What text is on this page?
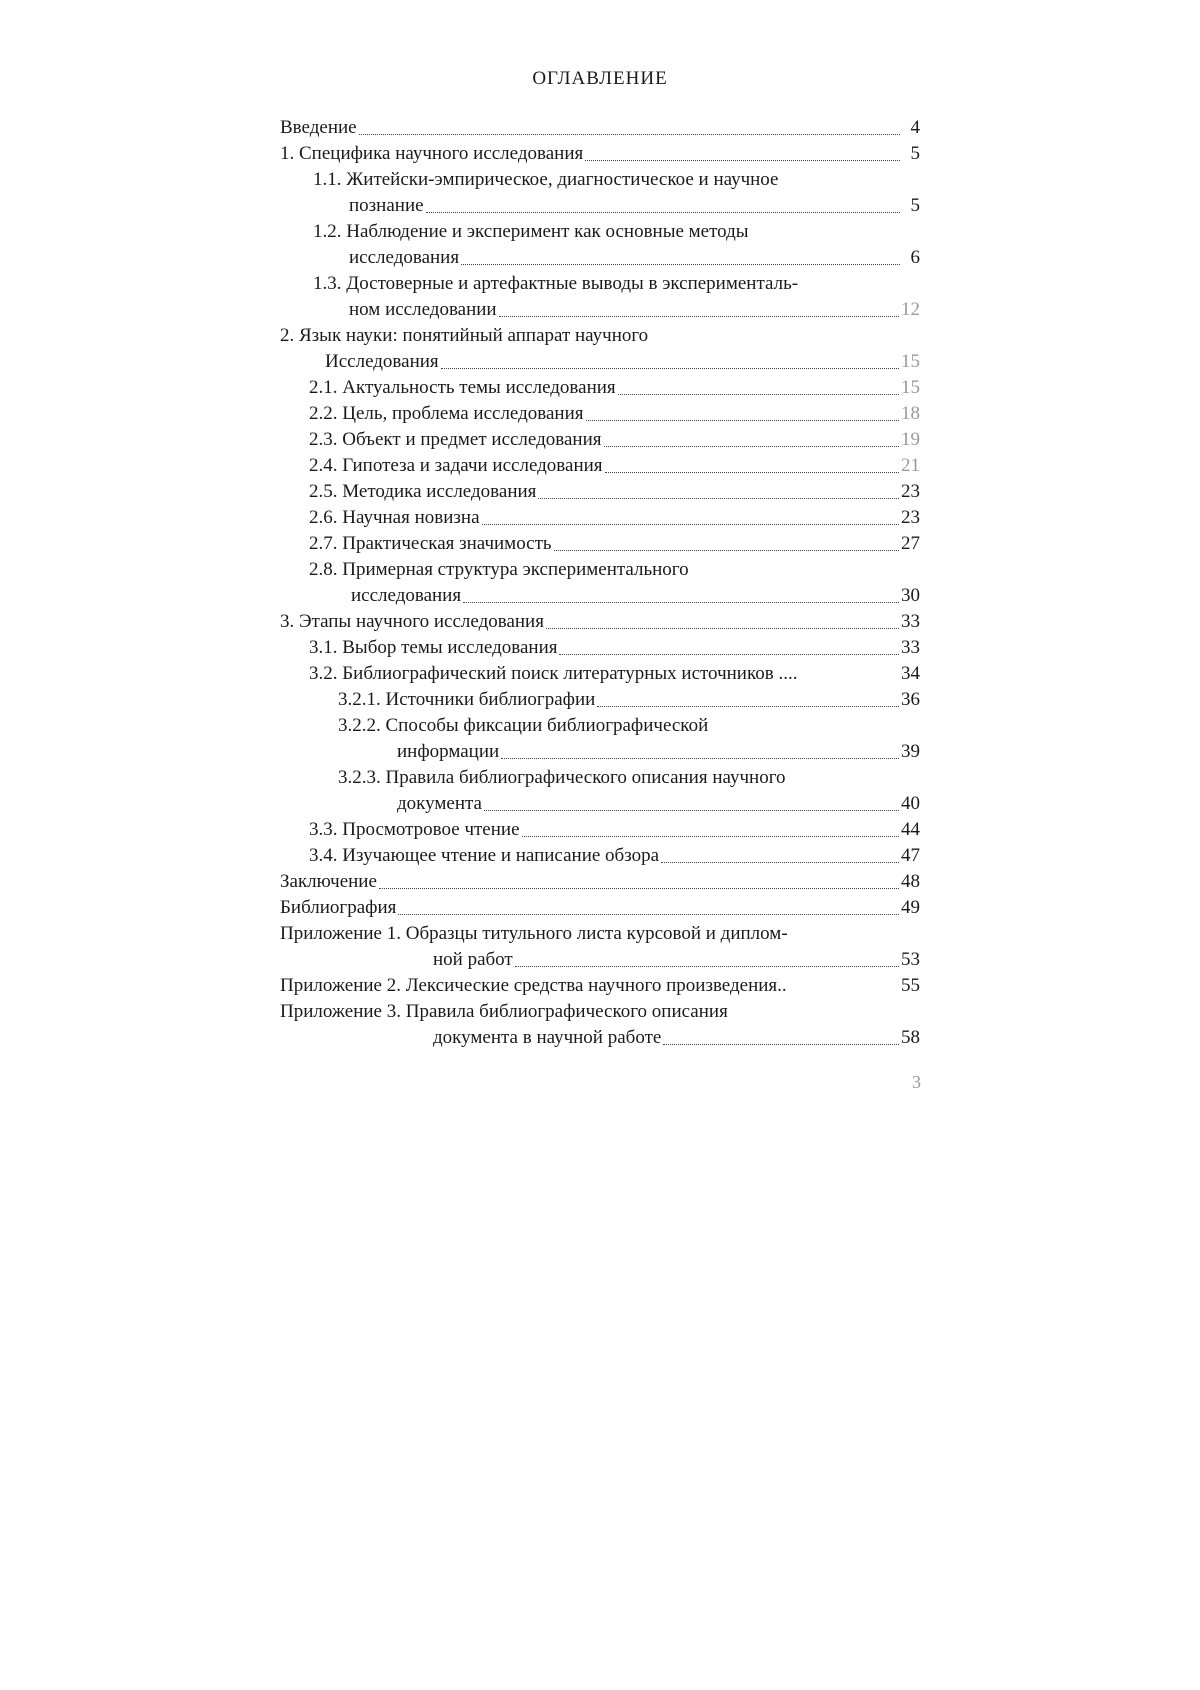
ОГЛАВЛЕНИЕ
Введение	4
1. Специфика научного исследования	5
1.1. Житейски-эмпирическое, диагностическое и научное
познание	5
1.2. Наблюдение и эксперимент как основные методы
исследования	6
1.3. Достоверные и артефактные выводы в эксперименталь-
ном исследовании	12
2. Язык науки: понятийный аппарат научного
Исследования	15
2.1. Актуальность темы исследования	15
2.2. Цель, проблема исследования	18
2.3. Объект и предмет исследования	19
2.4. Гипотеза и задачи исследования	21
2.5. Методика исследования	23
2.6. Научная новизна	23
2.7. Практическая значимость	27
2.8. Примерная структура экспериментального
исследования	30
3. Этапы научного исследования	33
3.1. Выбор темы исследования	33
3.2. Библиографический поиск литературных источников ....	34
3.2.1. Источники библиографии	36
3.2.2. Способы фиксации библиографической
информации	39
3.2.3. Правила библиографического описания научного
документа	40
3.3. Просмотровое чтение	44
3.4. Изучающее чтение и написание обзора	47
Заключение	48
Библиография	49
Приложение 1. Образцы титульного листа курсовой и диплом-
ной работ	53
Приложение 2. Лексические средства научного произведения..	55
Приложение 3. Правила библиографического описания
документа в научной работе	58
3
